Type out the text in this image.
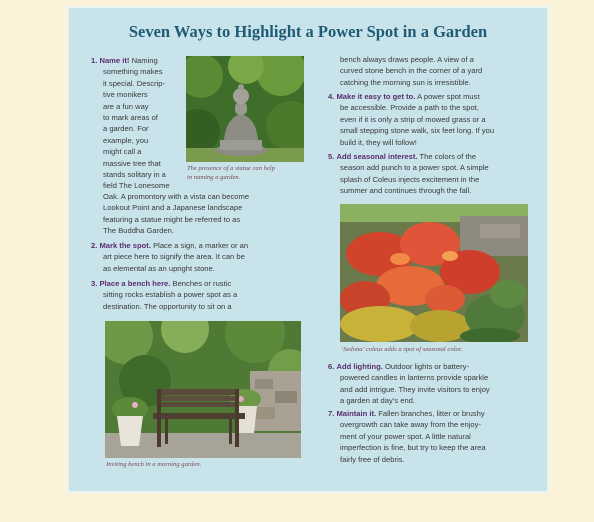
Seven Ways to Highlight a Power Spot in a Garden
The presence of a statue can help
in naming a garden.
1. Name it! Naming
something makes
it special. Descrip-
tive monikers
are a fun way
to mark areas of
a garden. For
example, you
might call a
massive tree that
stands solitary in a
field The Lonesome
Oak. A promontory with a vista can become
Lookout Point and a Japanese landscape
featuring a statue might be referred to as
The Buddha Garden.
2. Mark the spot. Place a sign, a marker or an
art piece here to signify the area. It can be
as elemental as an upright stone.
3. Place a bench here. Benches or rustic
sitting rocks establish a power spot as a
destination. The opportunity to sit on a
Inviting bench in a morning garden.
bench always draws people. A view of a
curved stone bench in the corner of a yard
catching the morning sun is irresistible.
4. Make it easy to get to. A power spot must
be accessible. Provide a path to the spot,
even if it is only a strip of mowed grass or a
small stepping stone walk, six feet long. If you
build it, they will follow!
5. Add seasonal interest. The colors of the
season add punch to a power spot. A simple
splash of Coleus injects excitement in the
summer and continues through the fall.
‘Sedona’ coleus adds a spot of seasonal color.
6. Add lighting. Outdoor lights or battery-
powered candles in lanterns provide sparkle
and add intrigue. They invite visitors to enjoy
a garden at day’s end.
7. Maintain it. Fallen branches, litter or brushy
overgrowth can take away from the enjoy-
ment of your power spot. A little natural
imperfection is fine, but try to keep the area
fairly free of debris.
